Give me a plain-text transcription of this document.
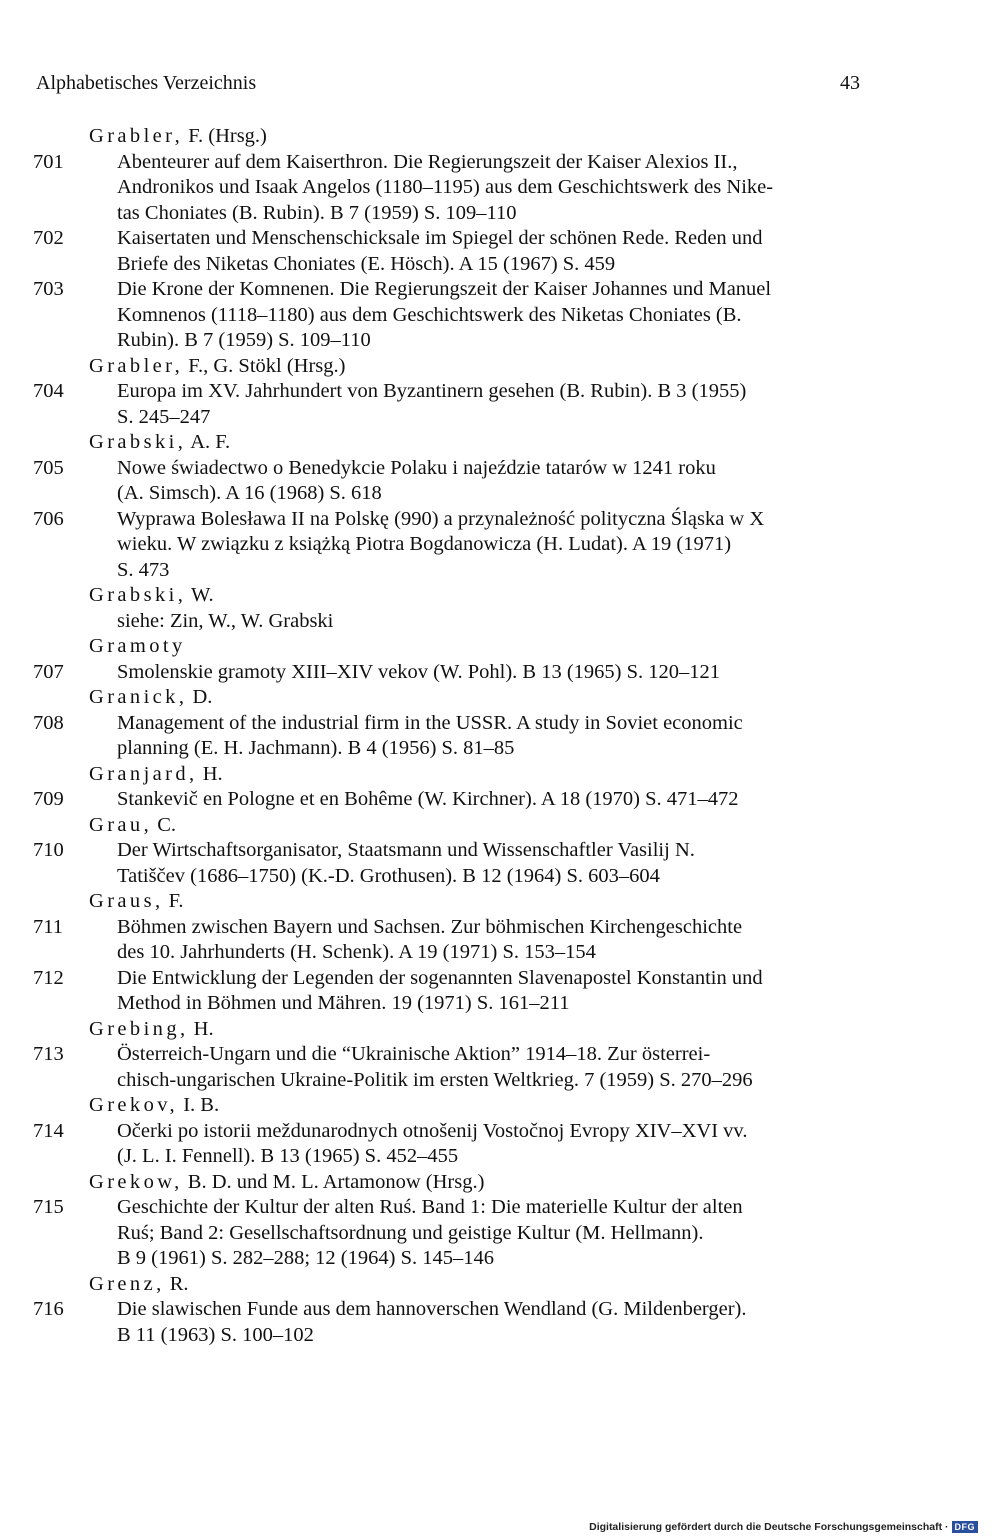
Alphabetisches Verzeichnis	43
Grabler, F. (Hrsg.)
701	Abenteurer auf dem Kaiserthron. Die Regierungszeit der Kaiser Alexios II.,
Andronikos und Isaak Angelos (1180–1195) aus dem Geschichtswerk des Nike-
tas Choniates (B. Rubin). B 7 (1959) S. 109–110
702	Kaisertaten und Menschenschicksale im Spiegel der schönen Rede. Reden und
Briefe des Niketas Choniates (E. Hösch). A 15 (1967) S. 459
703	Die Krone der Komnenen. Die Regierungszeit der Kaiser Johannes und Manuel
Komnenos (1118–1180) aus dem Geschichtswerk des Niketas Choniates (B.
Rubin). B 7 (1959) S. 109–110
Grabler, F., G. Stökl (Hrsg.)
704	Europa im XV. Jahrhundert von Byzantinern gesehen (B. Rubin). B 3 (1955)
S. 245–247
Grabski, A. F.
705	Nowe świadectwo o Benedykcie Polaku i najeździe tatarów w 1241 roku
(A. Simsch). A 16 (1968) S. 618
706	Wyprawa Bolesława II na Polskę (990) a przynależność polityczna Śląska w X
wieku. W związku z książką Piotra Bogdanowicza (H. Ludat). A 19 (1971)
S. 473
Grabski, W.
siehe: Zin, W., W. Grabski
Gramoty
707	Smolenskie gramoty XIII–XIV vekov (W. Pohl). B 13 (1965) S. 120–121
Granick, D.
708	Management of the industrial firm in the USSR. A study in Soviet economic
planning (E. H. Jachmann). B 4 (1956) S. 81–85
Granjard, H.
709	Stankevič en Pologne et en Bohême (W. Kirchner). A 18 (1970) S. 471–472
Grau, C.
710	Der Wirtschaftsorganisator, Staatsmann und Wissenschaftler Vasilij N.
Tatiščev (1686–1750) (K.-D. Grothusen). B 12 (1964) S. 603–604
Graus, F.
711	Böhmen zwischen Bayern und Sachsen. Zur böhmischen Kirchengeschichte
des 10. Jahrhunderts (H. Schenk). A 19 (1971) S. 153–154
712	Die Entwicklung der Legenden der sogenannten Slavenapostel Konstantin und
Method in Böhmen und Mähren. 19 (1971) S. 161–211
Grebing, H.
713	Österreich-Ungarn und die “Ukrainische Aktion” 1914–18. Zur österrei-
chisch-ungarischen Ukraine-Politik im ersten Weltkrieg. 7 (1959) S. 270–296
Grekov, I. B.
714	Očerki po istorii meždunarodnych otnošenij Vostočnoj Evropy XIV–XVI vv.
(J. L. I. Fennell). B 13 (1965) S. 452–455
Grekow, B. D. und M. L. Artamonow (Hrsg.)
715	Geschichte der Kultur der alten Ruś. Band 1: Die materielle Kultur der alten
Ruś; Band 2: Gesellschaftsordnung und geistige Kultur (M. Hellmann).
B 9 (1961) S. 282–288; 12 (1964) S. 145–146
Grenz, R.
716	Die slawischen Funde aus dem hannoverschen Wendland (G. Mildenberger).
B 11 (1963) S. 100–102
Digitalisierung gefördert durch die Deutsche Forschungsgemeinschaft · DFG
